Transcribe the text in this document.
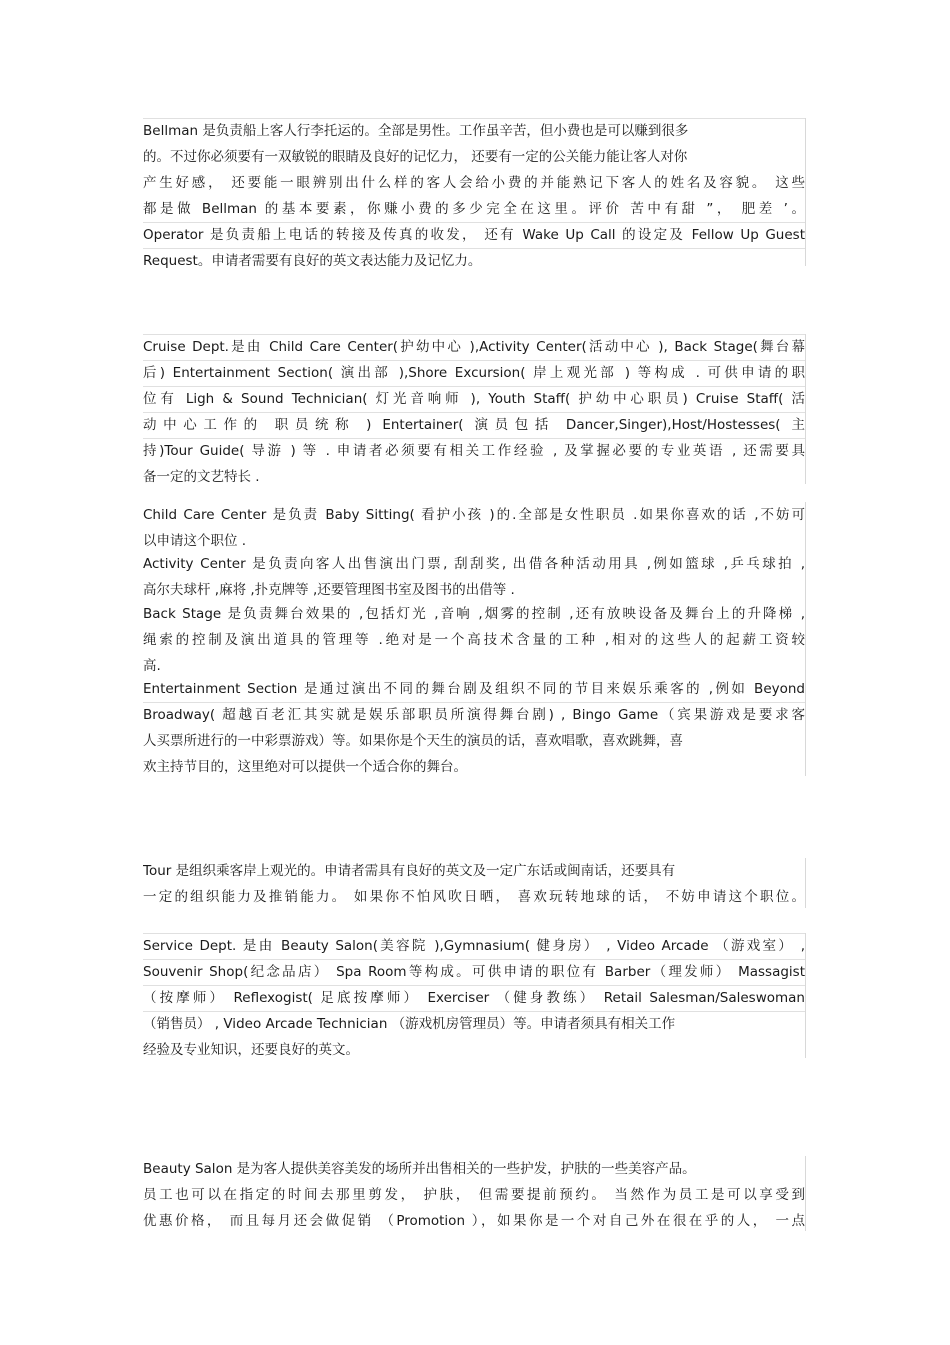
Bellman 是负责船上客人行李托运的。全部是男性。工作虽辛苦，但小费也是可以赚到很多
的。不过你必须要有一双敏锐的眼睛及良好的记忆力， 还要有一定的公关能力能让客人对你
产生好感， 还要能一眼辨别出什么样的客人会给小费的并能熟记下客人的姓名及容貌。 这些
都是做 Bellman 的基本要素，你赚小费的多少完全在这里。评价 苦中有甜 ”， 肥差 ’。
Operator 是负责船上电话的转接及传真的收发， 还有 Wake Up Call 的设定及 Fellow Up Guest
Request。申请者需要有良好的英文表达能力及记忆力。
Cruise Dept.是由 Child Care Center(护幼中心 ),Activity Center(活动中心 ), Back Stage(舞台幕
后) Entertainment Section( 演出部 ),Shore Excursion( 岸上观光部 ) 等构成 . 可供申请的职
位有 Ligh & Sound Technician( 灯光音响师 ), Youth Staff( 护幼中心职员) Cruise Staff( 活
动中心工作的 职员统称 ) Entertainer( 演员包括 Dancer,Singer),Host/Hostesses( 主
持)Tour Guide( 导游 ) 等 . 申请者必须要有相关工作经验 , 及掌握必要的专业英语 , 还需要具
备一定的文艺特长 .
Child Care Center 是负责 Baby Sitting( 看护小孩 )的.全部是女性职员 .如果你喜欢的话 ,不妨可
以申请这个职位 .
Activity Center 是负责向客人出售演出门票, 刮刮奖, 出借各种活动用具 ,例如篮球 ,乒乓球拍 ,
高尔夫球杆 ,麻将 ,扑克牌等 ,还要管理图书室及图书的出借等 .
Back Stage 是负责舞台效果的 ,包括灯光 ,音响 ,烟雾的控制 ,还有放映设备及舞台上的升降梯 ,
绳索的控制及演出道具的管理等 .绝对是一个高技术含量的工种 ,相对的这些人的起薪工资较
高.
Entertainment Section 是通过演出不同的舞台剧及组织不同的节目来娱乐乘客的 ,例如 Beyond
Broadway( 超越百老汇其实就是娱乐部职员所演得舞台剧) , Bingo Game（宾果游戏是要求客
人买票所进行的一中彩票游戏）等。如果你是个天生的演员的话，喜欢唱歌，喜欢跳舞，喜
欢主持节目的，这里绝对可以提供一个适合你的舞台。
Tour 是组织乘客岸上观光的。申请者需具有良好的英文及一定广东话或闽南话，还要具有
一定的组织能力及推销能力。 如果你不怕风吹日晒， 喜欢玩转地球的话， 不妨申请这个职位。
Service Dept. 是由 Beauty Salon(美容院 ),Gymnasium( 健身房） , Video Arcade （游戏室） ,
Souvenir Shop(纪念品店） Spa Room等构成。可供申请的职位有 Barber（理发师） Massagist
（按摩师） Reflexogist( 足底按摩师） Exerciser （健身教练） Retail Salesman/Saleswoman
（销售员） , Video Arcade Technician （游戏机房管理员）等。申请者须具有相关工作
经验及专业知识，还要良好的英文。
Beauty Salon 是为客人提供美容美发的场所并出售相关的一些护发，护肤的一些美容产品。
员工也可以在指定的时间去那里剪发， 护肤， 但需要提前预约。 当然作为员工是可以享受到
优惠价格， 而且每月还会做促销 （Promotion ），如果你是一个对自己外在很在乎的人， 一点
